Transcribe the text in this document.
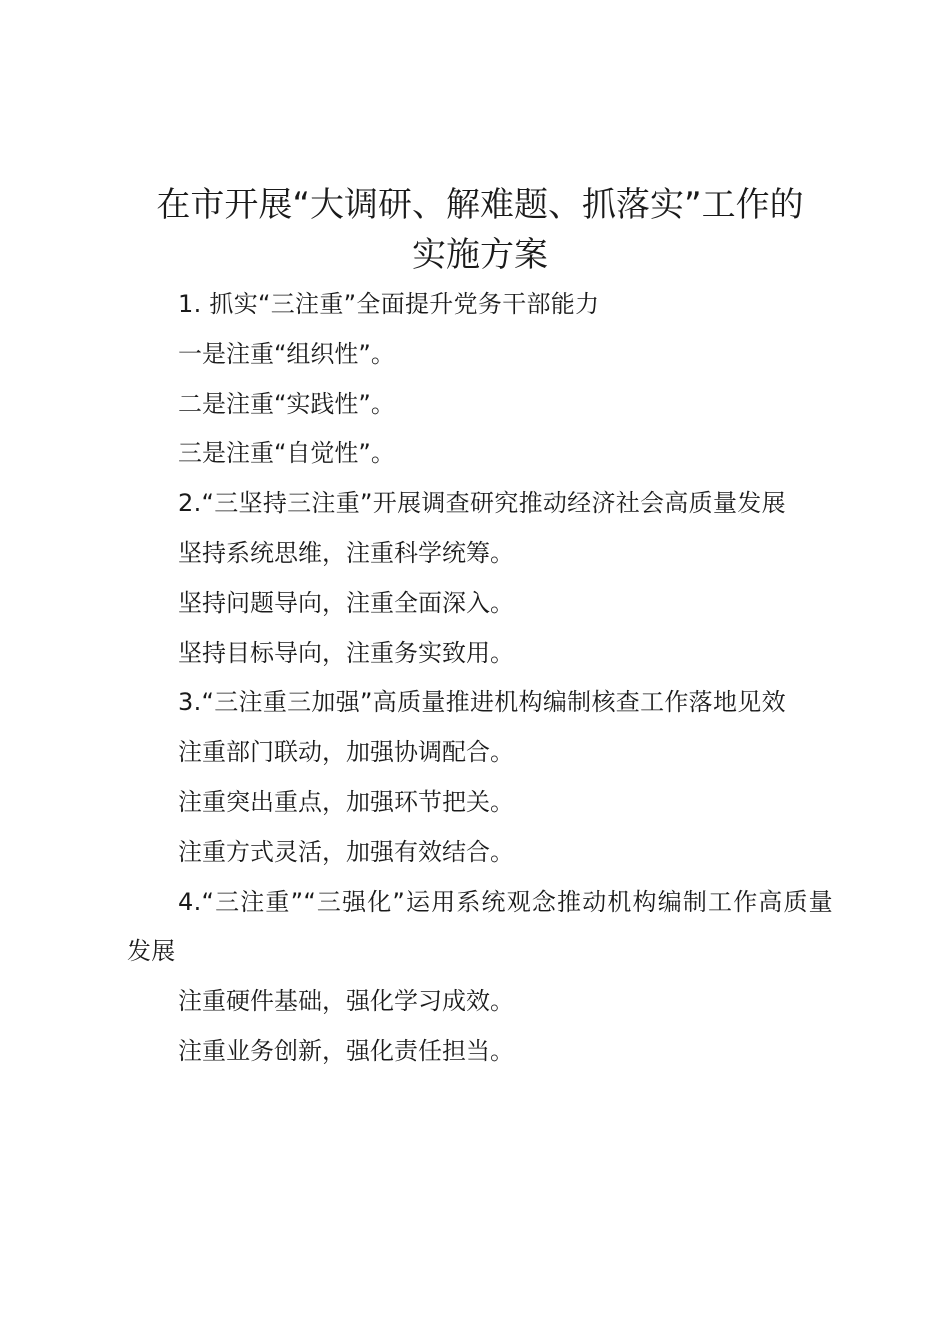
在市开展“大调研、解难题、抓落实”工作的
实施方案

1. 抓实“三注重”全面提升党务干部能力

一是注重“组织性”。

二是注重“实践性”。

三是注重“自觉性”。

2.“三坚持三注重”开展调查研究推动经济社会高质量发展

坚持系统思维，注重科学统筹。

坚持问题导向，注重全面深入。

坚持目标导向，注重务实致用。

3.“三注重三加强”高质量推进机构编制核查工作落地见效

注重部门联动，加强协调配合。

注重突出重点，加强环节把关。

注重方式灵活，加强有效结合。

4.“三注重”“三强化”运用系统观念推动机构编制工作高质量发展

注重硬件基础，强化学习成效。

注重业务创新，强化责任担当。
